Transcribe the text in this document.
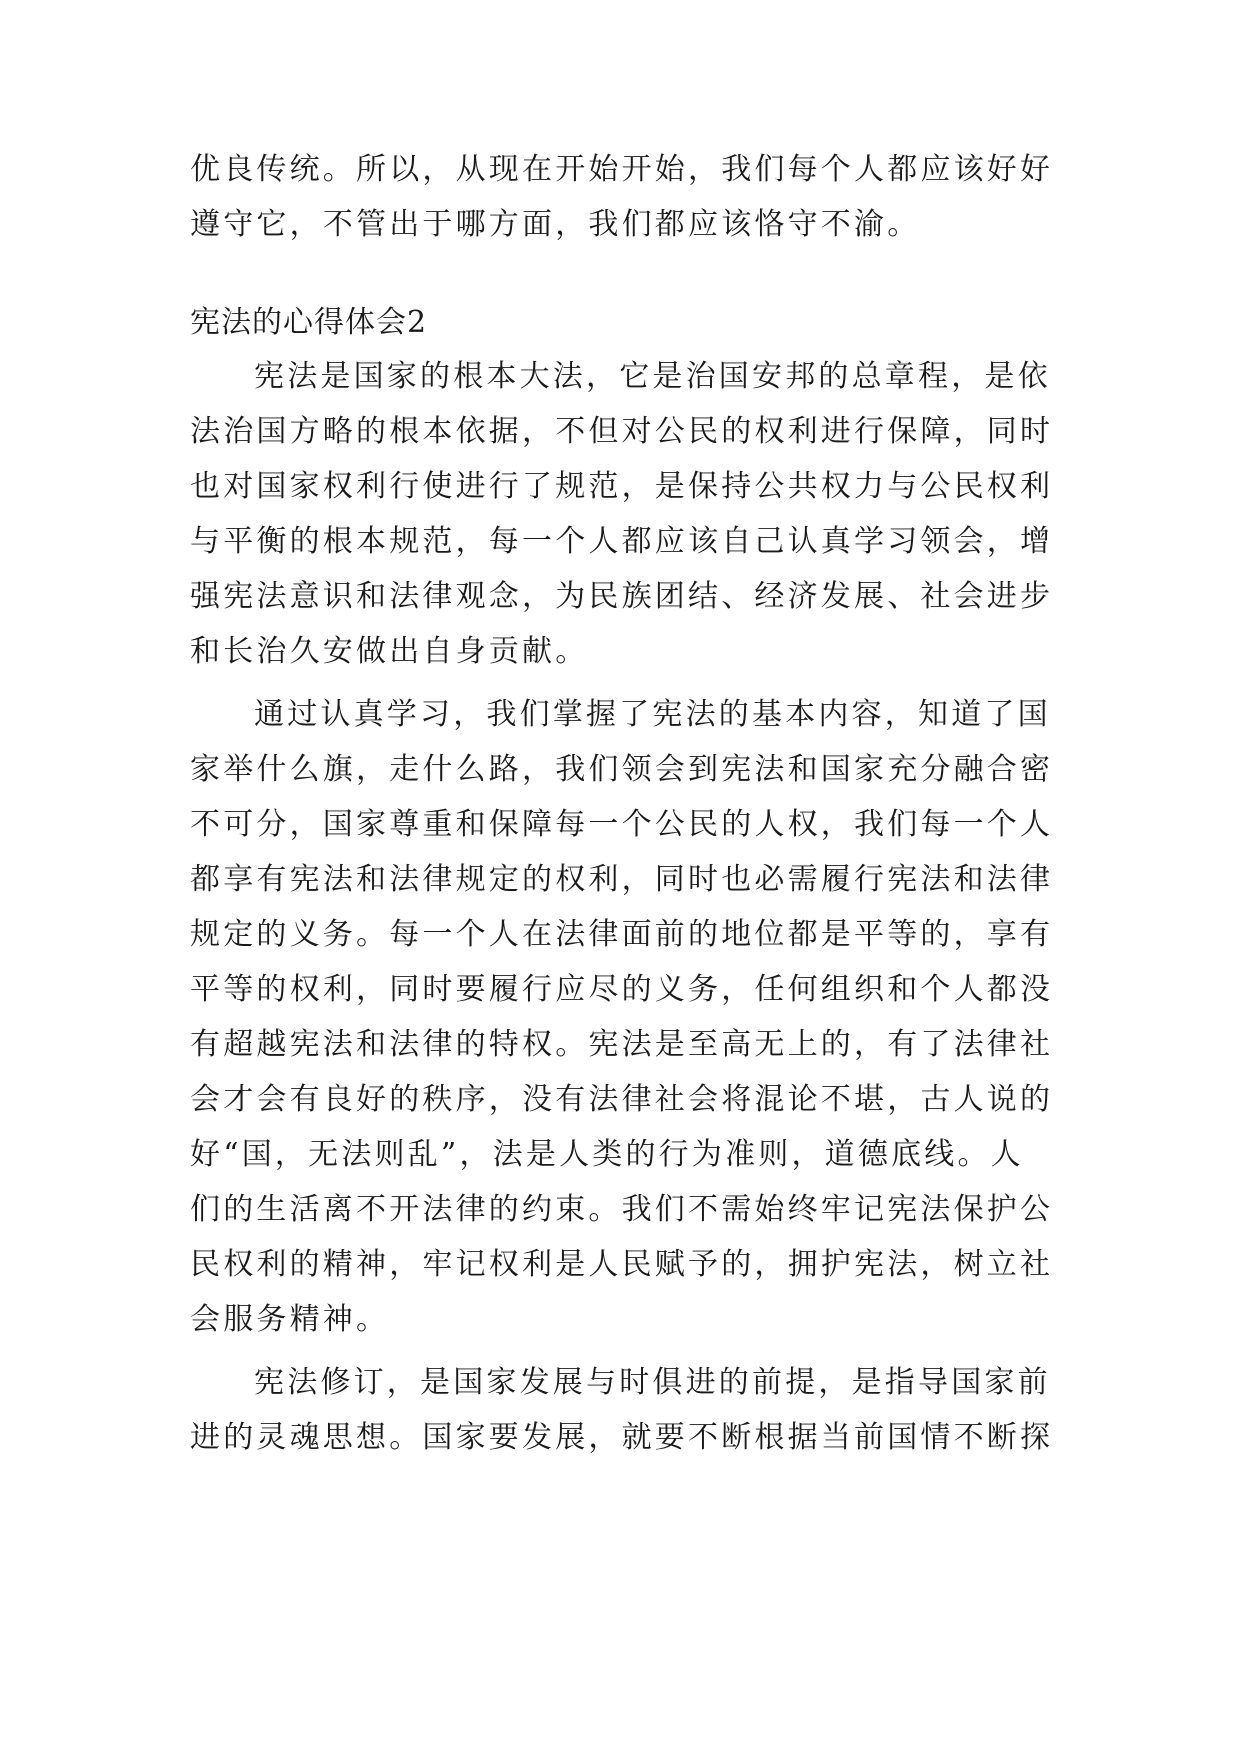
优良传统。所以，从现在开始开始，我们每个人都应该好好
遵守它，不管出于哪方面，我们都应该恪守不渝。
宪法的心得体会2
宪法是国家的根本大法，它是治国安邦的总章程，是依
法治国方略的根本依据，不但对公民的权利进行保障，同时
也对国家权利行使进行了规范，是保持公共权力与公民权利
与平衡的根本规范，每一个人都应该自己认真学习领会，增
强宪法意识和法律观念，为民族团结、经济发展、社会进步
和长治久安做出自身贡献。
通过认真学习，我们掌握了宪法的基本内容，知道了国
家举什么旗，走什么路，我们领会到宪法和国家充分融合密
不可分，国家尊重和保障每一个公民的人权，我们每一个人
都享有宪法和法律规定的权利，同时也必需履行宪法和法律
规定的义务。每一个人在法律面前的地位都是平等的，享有
平等的权利，同时要履行应尽的义务，任何组织和个人都没
有超越宪法和法律的特权。宪法是至高无上的，有了法律社
会才会有良好的秩序，没有法律社会将混论不堪，古人说的
好“国，无法则乱”，法是人类的行为准则，道德底线。人
们的生活离不开法律的约束。我们不需始终牢记宪法保护公
民权利的精神，牢记权利是人民赋予的，拥护宪法，树立社
会服务精神。
宪法修订，是国家发展与时俱进的前提，是指导国家前
进的灵魂思想。国家要发展，就要不断根据当前国情不断探
